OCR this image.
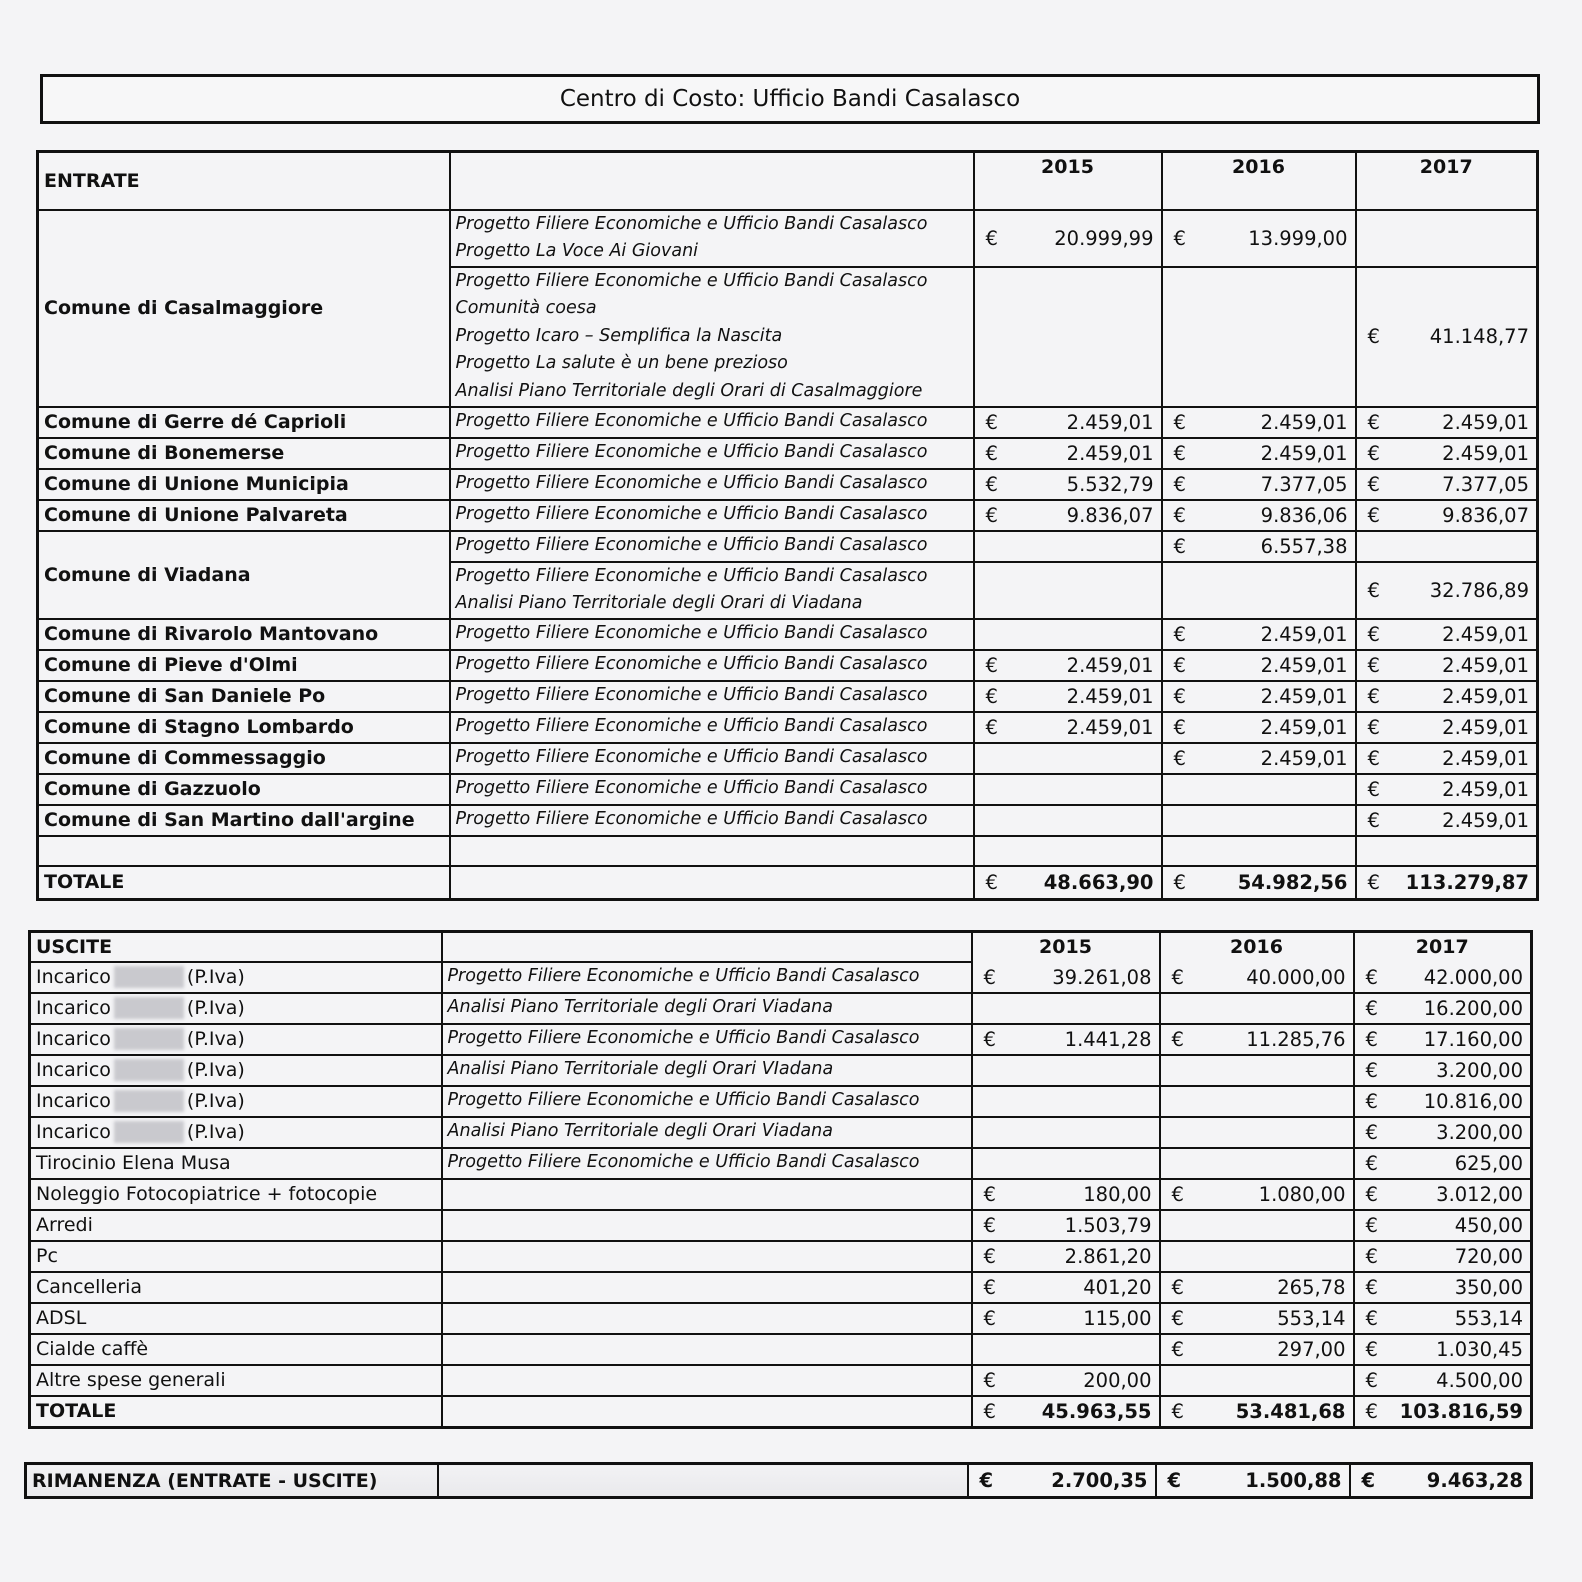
Centro di Costo: Ufficio Bandi Casalasco
ENTRATE		2015	2016	2017

Comune di Casalmaggiore	Progetto Filiere Economiche e Ufficio Bandi Casalasco
Progetto La Voce Ai Giovani	€ 20.999,99	€ 13.999,00	

	Progetto Filiere Economiche e Ufficio Bandi Casalasco
Comunità coesa
Progetto Icaro – Semplifica la Nascita
Progetto La salute è un bene prezioso
Analisi Piano Territoriale degli Orari di Casalmaggiore			€ 41.148,77

Comune di Gerre dé Caprioli	Progetto Filiere Economiche e Ufficio Bandi Casalasco	€ 2.459,01	€ 2.459,01	€ 2.459,01

Comune di Bonemerse	Progetto Filiere Economiche e Ufficio Bandi Casalasco	€ 2.459,01	€ 2.459,01	€ 2.459,01

Comune di Unione Municipia	Progetto Filiere Economiche e Ufficio Bandi Casalasco	€ 5.532,79	€ 7.377,05	€ 7.377,05

Comune di Unione Palvareta	Progetto Filiere Economiche e Ufficio Bandi Casalasco	€ 9.836,07	€ 9.836,06	€ 9.836,07

Comune di Viadana	Progetto Filiere Economiche e Ufficio Bandi Casalasco		€ 6.557,38	

	Progetto Filiere Economiche e Ufficio Bandi Casalasco
Analisi Piano Territoriale degli Orari di Viadana			€ 32.786,89

Comune di Rivarolo Mantovano	Progetto Filiere Economiche e Ufficio Bandi Casalasco		€ 2.459,01	€ 2.459,01

Comune di Pieve d'Olmi	Progetto Filiere Economiche e Ufficio Bandi Casalasco	€ 2.459,01	€ 2.459,01	€ 2.459,01

Comune di San Daniele Po	Progetto Filiere Economiche e Ufficio Bandi Casalasco	€ 2.459,01	€ 2.459,01	€ 2.459,01

Comune di Stagno Lombardo	Progetto Filiere Economiche e Ufficio Bandi Casalasco	€ 2.459,01	€ 2.459,01	€ 2.459,01

Comune di Commessaggio	Progetto Filiere Economiche e Ufficio Bandi Casalasco		€ 2.459,01	€ 2.459,01

Comune di Gazzuolo	Progetto Filiere Economiche e Ufficio Bandi Casalasco			€ 2.459,01

Comune di San Martino dall'argine	Progetto Filiere Economiche e Ufficio Bandi Casalasco			€ 2.459,01

TOTALE		€ 48.663,90	€ 54.982,56	€ 113.279,87
USCITE		2015	2016	2017
Incarico (P.Iva)	Progetto Filiere Economiche e Ufficio Bandi Casalasco	€ 39.261,08	€ 40.000,00	€ 42.000,00

Incarico (P.Iva)	Analisi Piano Territoriale degli Orari Viadana			€ 16.200,00

Incarico (P.Iva)	Progetto Filiere Economiche e Ufficio Bandi Casalasco	€ 1.441,28	€ 11.285,76	€ 17.160,00

Incarico (P.Iva)	Analisi Piano Territoriale degli Orari VIadana			€ 3.200,00

Incarico (P.Iva)	Progetto Filiere Economiche e Ufficio Bandi Casalasco			€ 10.816,00

Incarico (P.Iva)	Analisi Piano Territoriale degli Orari Viadana			€ 3.200,00

Tirocinio Elena Musa	Progetto Filiere Economiche e Ufficio Bandi Casalasco			€ 625,00

Noleggio Fotocopiatrice + fotocopie		€ 180,00	€ 1.080,00	€ 3.012,00

Arredi		€ 1.503,79		€ 450,00

Pc		€ 2.861,20		€ 720,00

Cancelleria		€ 401,20	€ 265,78	€ 350,00

ADSL		€ 115,00	€ 553,14	€ 553,14

Cialde caffè			€ 297,00	€ 1.030,45

Altre spese generali		€ 200,00		€ 4.500,00

TOTALE		€ 45.963,55	€ 53.481,68	€ 103.816,59
RIMANENZA (ENTRATE - USCITE)		€	2.700,35	€	1.500,88	€	9.463,28
